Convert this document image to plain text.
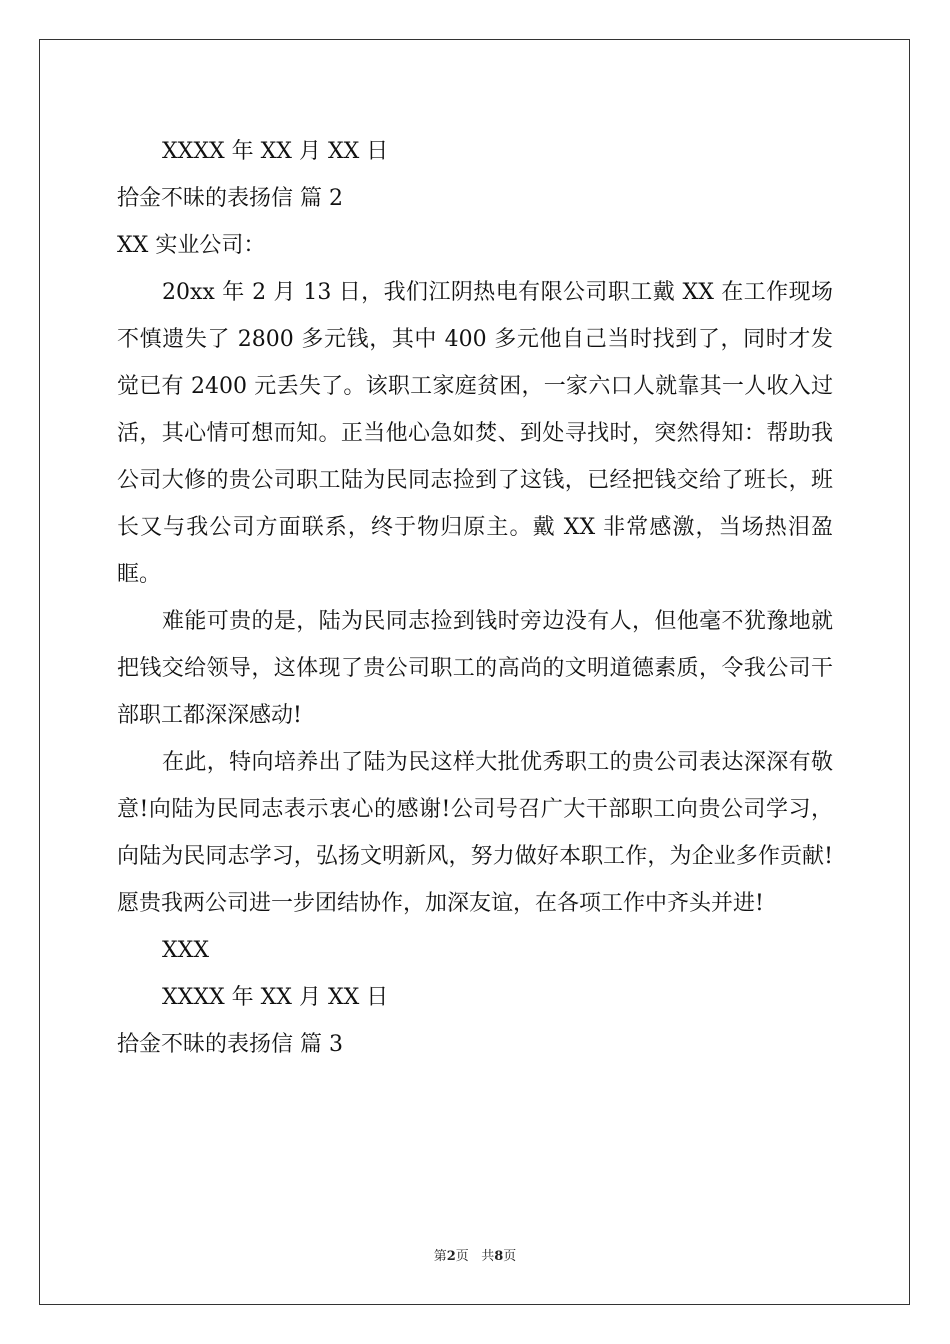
XXXX 年 XX 月 XX 日
拾金不昧的表扬信 篇 2
XX 实业公司：

20xx 年 2 月 13 日，我们江阴热电有限公司职工戴 XX 在工作现场不慎遗失了 2800 多元钱，其中 400 多元他自己当时找到了，同时才发觉已有 2400 元丢失了。该职工家庭贫困，一家六口人就靠其一人收入过活，其心情可想而知。正当他心急如焚、到处寻找时，突然得知：帮助我公司大修的贵公司职工陆为民同志捡到了这钱，已经把钱交给了班长，班长又与我公司方面联系，终于物归原主。戴 XX 非常感激，当场热泪盈眶。

难能可贵的是，陆为民同志捡到钱时旁边没有人，但他毫不犹豫地就把钱交给领导，这体现了贵公司职工的高尚的文明道德素质，令我公司干部职工都深深感动!

在此，特向培养出了陆为民这样大批优秀职工的贵公司表达深深有敬意!向陆为民同志表示衷心的感谢!公司号召广大干部职工向贵公司学习，向陆为民同志学习，弘扬文明新风，努力做好本职工作，为企业多作贡献!愿贵我两公司进一步团结协作，加深友谊，在各项工作中齐头并进!

XXX
XXXX 年 XX 月 XX 日
拾金不昧的表扬信 篇 3
第2页 共8页
